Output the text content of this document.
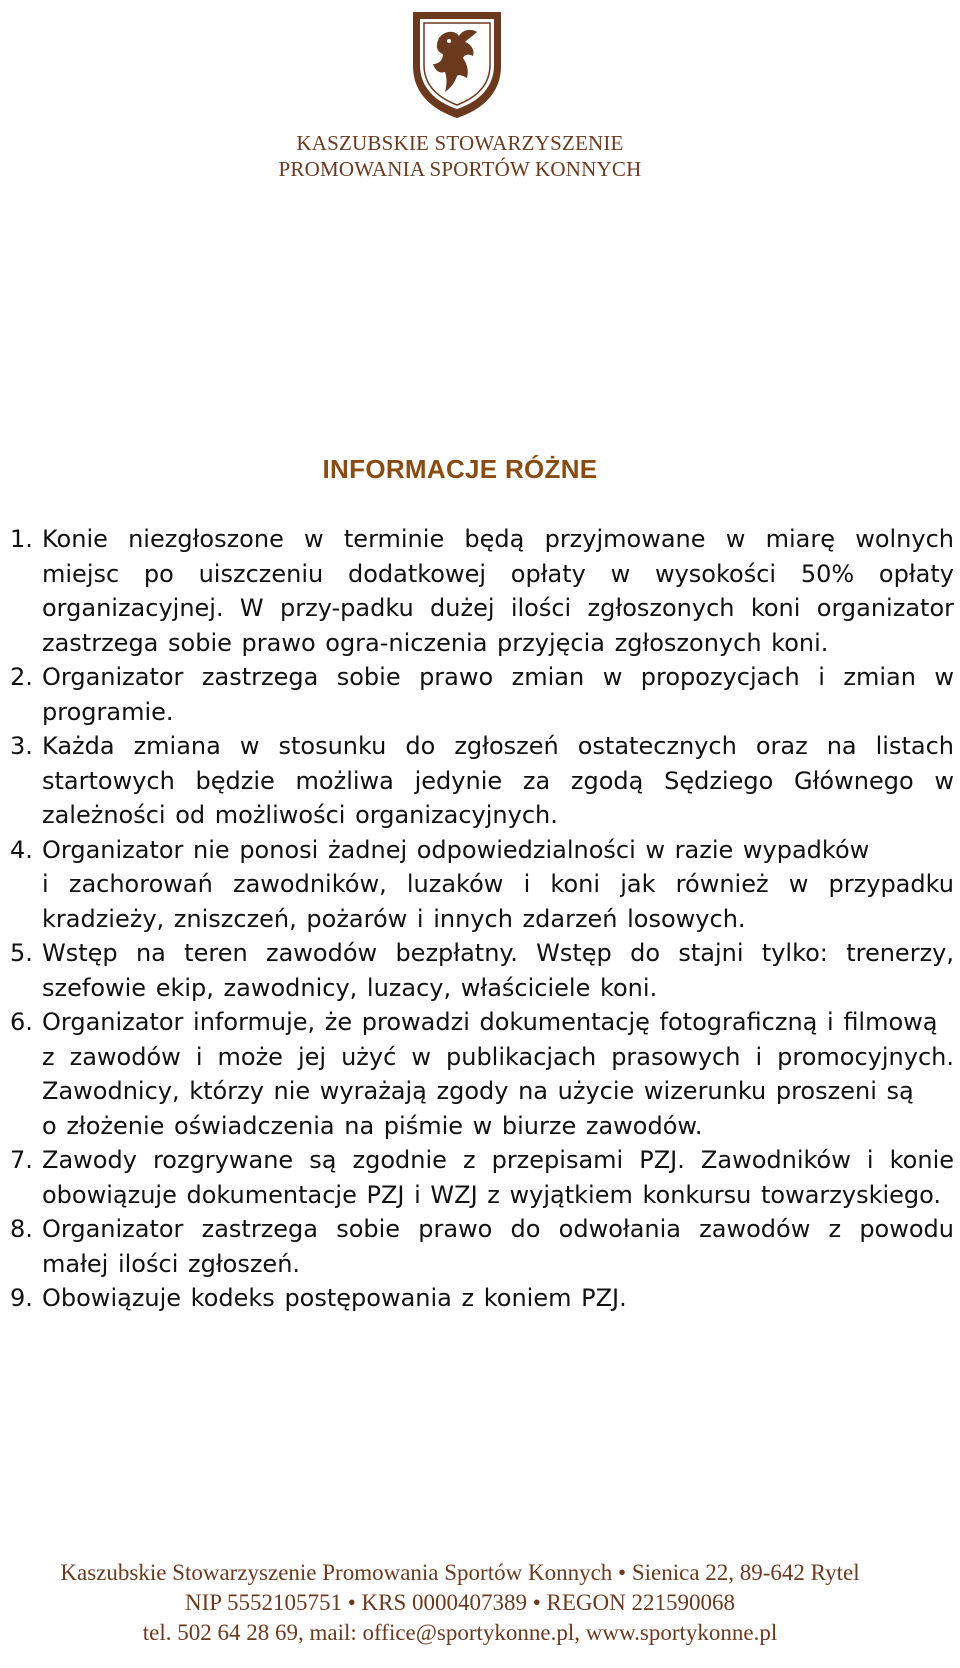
KASZUBSKIE STOWARZYSZENIE

PROMOWANIA SPORTÓW KONNYCH

INFORMACJE RÓŻNE
1. Konie niezgłoszone w terminie będą przyjmowane w miarę wolnych miejsc po uiszczeniu dodatkowej opłaty w wysokości 50% opłaty organizacyjnej. W przy-padku dużej ilości zgłoszonych koni organizator zastrzega sobie prawo ogra-niczenia przyjęcia zgłoszonych koni.
2. Organizator zastrzega sobie prawo zmian w propozycjach i zmian w programie.
3. Każda zmiana w stosunku do zgłoszeń ostatecznych oraz na listach startowych będzie możliwa jedynie za zgodą Sędziego Głównego w zależności od możliwości organizacyjnych.
4. Organizator nie ponosi żadnej odpowiedzialności w razie wypadków
i zachorowań zawodników, luzaków i koni jak również w przypadku kradzieży, zniszczeń, pożarów i innych zdarzeń losowych.
5. Wstęp na teren zawodów bezpłatny. Wstęp do stajni tylko: trenerzy, szefowie ekip, zawodnicy, luzacy, właściciele koni.
6. Organizator informuje, że prowadzi dokumentację fotograficzną i filmową
z zawodów i może jej użyć w publikacjach prasowych i promocyjnych. Zawodnicy, którzy nie wyrażają zgody na użycie wizerunku proszeni są
o złożenie oświadczenia na piśmie w biurze zawodów.
7. Zawody rozgrywane są zgodnie z przepisami PZJ. Zawodników i konie obowiązuje dokumentacje PZJ i WZJ z wyjątkiem konkursu towarzyskiego.
8. Organizator zastrzega sobie prawo do odwołania zawodów z powodu małej ilości zgłoszeń.
9. Obowiązuje kodeks postępowania z koniem PZJ.
Kaszubskie Stowarzyszenie Promowania Sportów Konnych • Sienica 22, 89-642 Rytel
NIP 5552105751 • KRS 0000407389 • REGON 221590068
tel. 502 64 28 69, mail: office@sportykonne.pl, www.sportykonne.pl
